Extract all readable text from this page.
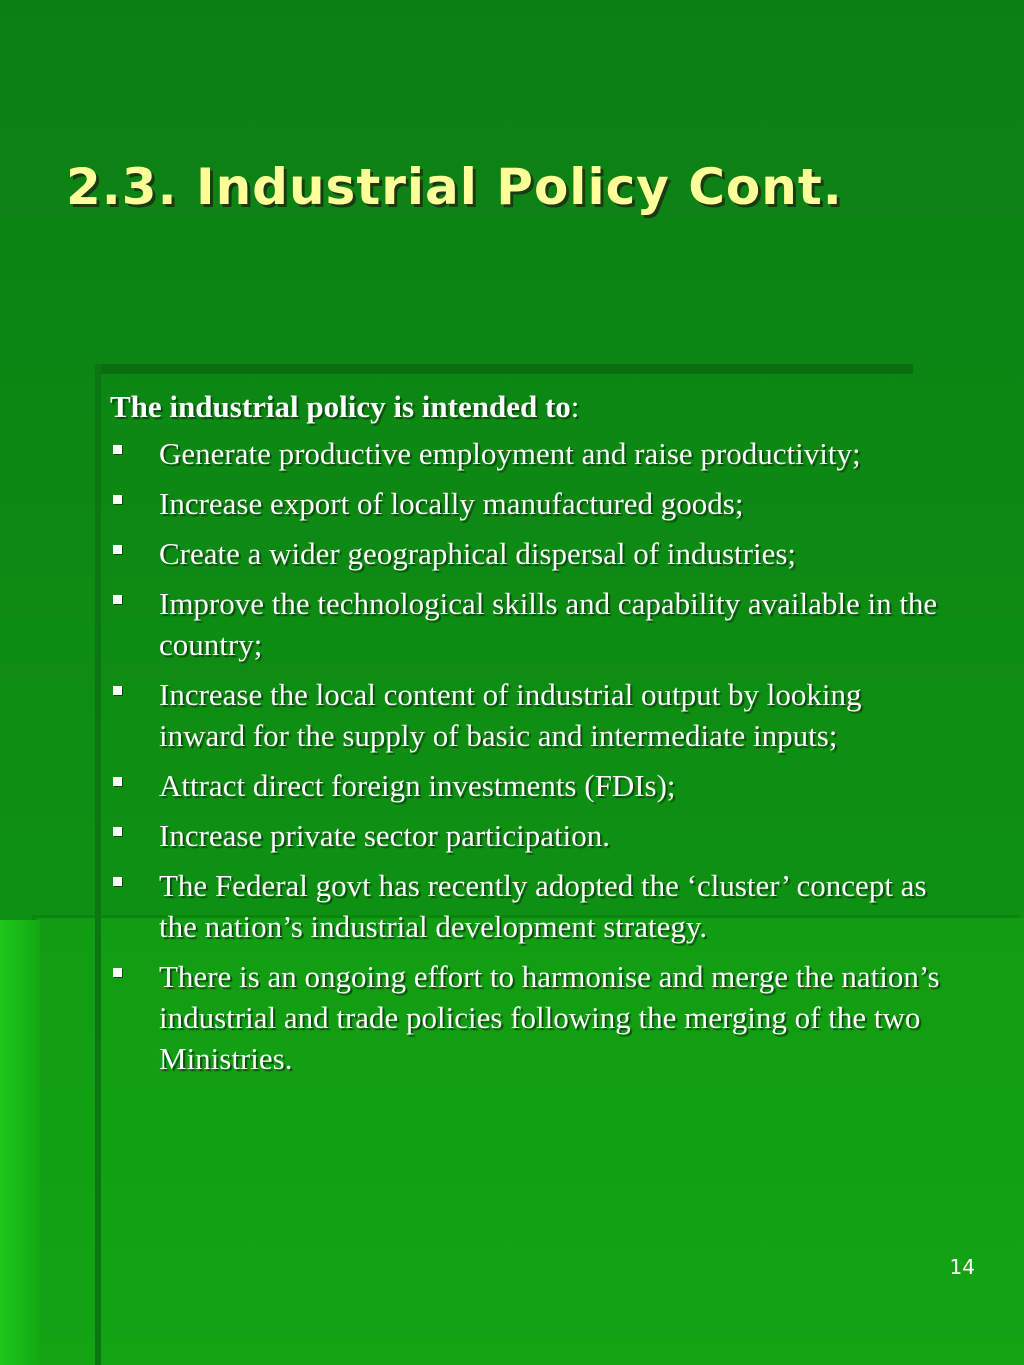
2.3. Industrial Policy Cont.

The industrial policy is intended to:

Generate productive employment and raise productivity;
Increase export of locally manufactured goods;
Create a wider geographical dispersal of industries;
Improve the technological skills and capability available in the country;
Increase the local content of industrial output by looking inward for the supply of basic and intermediate inputs;
Attract direct foreign investments (FDIs);
Increase private sector participation.
The Federal govt has recently adopted the ‘cluster’ concept as the nation’s industrial development strategy.
There is an ongoing effort to harmonise and merge the nation’s industrial and trade policies following the merging of the two Ministries.
14
